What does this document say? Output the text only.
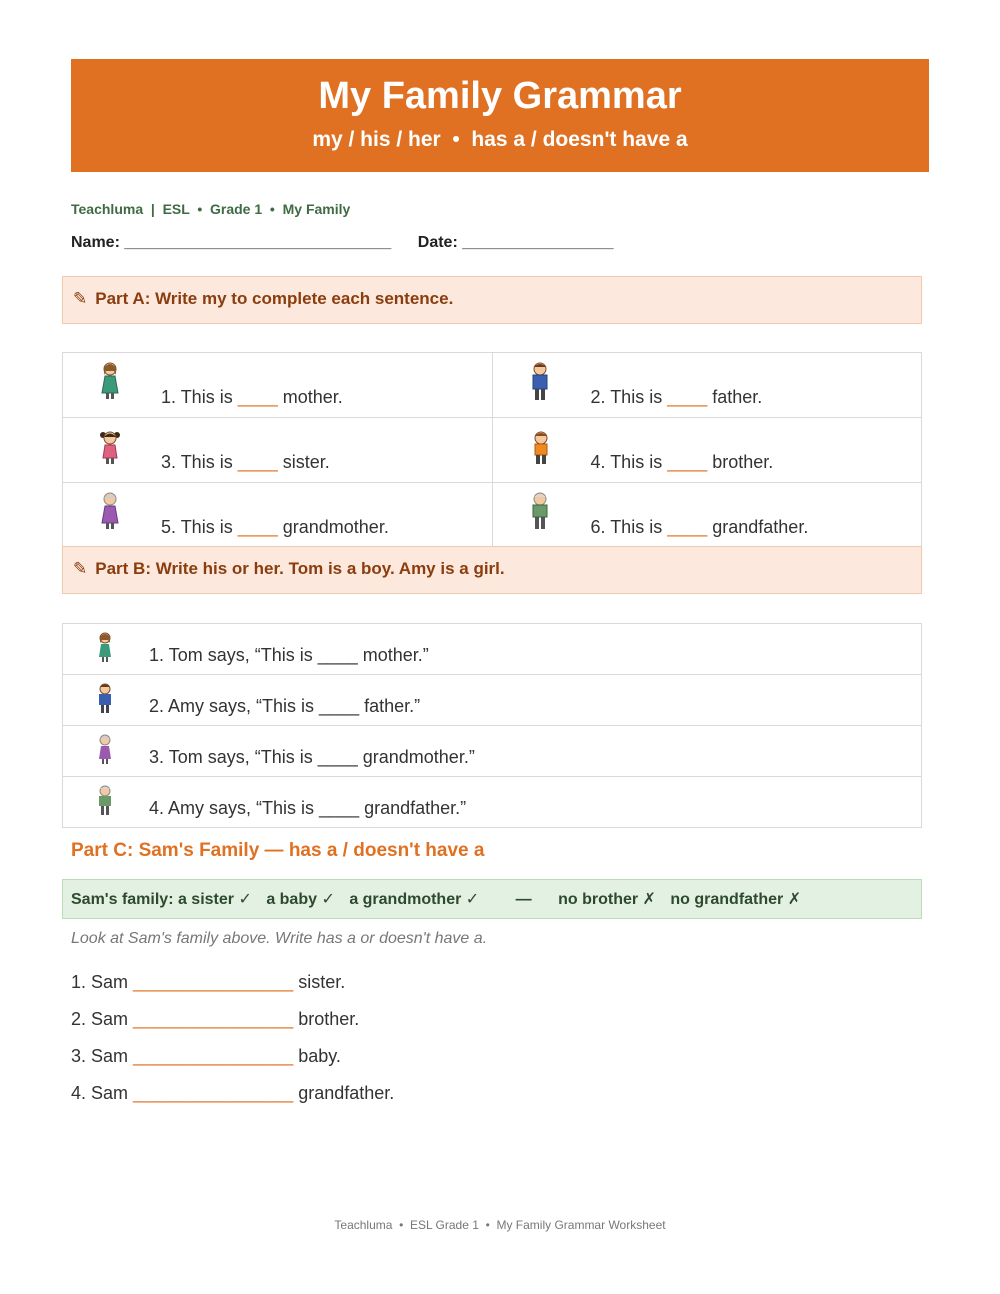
My Family Grammar
my / his / her  •  has a / doesn't have a
Teachluma  |  ESL  •  Grade 1  •  My Family
Name: ______________________________ Date: _________________
✎ Part A: Write my to complete each sentence.
1. This is ____ mother.	2. This is ____ father.

3. This is ____ sister.	4. This is ____ brother.

5. This is ____ grandmother.	6. This is ____ grandfather.
✎ Part B: Write his or her. Tom is a boy. Amy is a girl.
1. Tom says, “This is ____ mother.”

2. Amy says, “This is ____ father.”

3. Tom says, “This is ____ grandmother.”

4. Amy says, “This is ____ grandfather.”
Part C: Sam's Family — has a / doesn't have a
Sam's family: a sister ✓ a baby ✓ a grandmother ✓ — no brother ✗ no grandfather ✗
Look at Sam's family above. Write has a or doesn't have a.
1. Sam ________________ sister.
2. Sam ________________ brother.
3. Sam ________________ baby.
4. Sam ________________ grandfather.
Teachluma  •  ESL Grade 1  •  My Family Grammar Worksheet
